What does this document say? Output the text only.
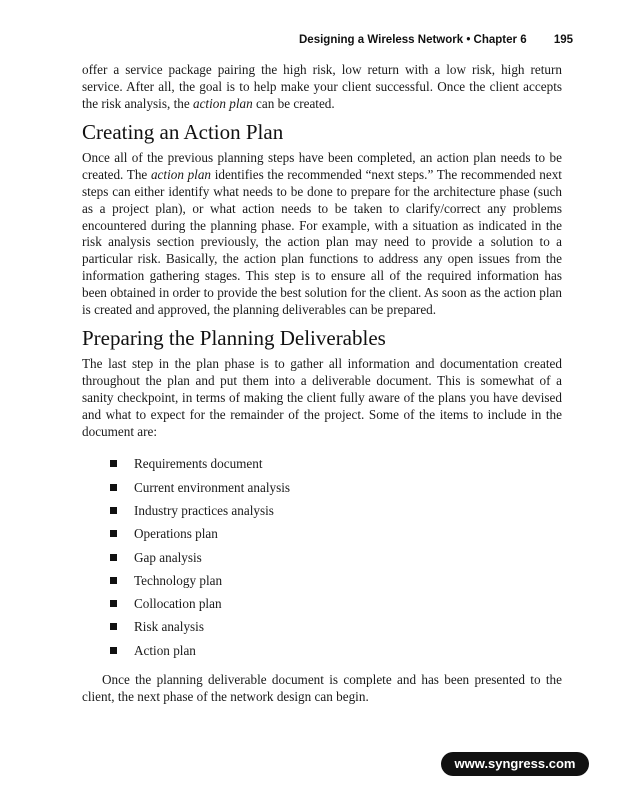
Designing a Wireless Network • Chapter 6 195

offer a service package pairing the high risk, low return with a low risk, high return service. After all, the goal is to help make your client successful. Once the client accepts the risk analysis, the action plan can be created.

Creating an Action Plan

Once all of the previous planning steps have been completed, an action plan needs to be created. The action plan identifies the recommended “next steps.” The recommended next steps can either identify what needs to be done to prepare for the architecture phase (such as a project plan), or what action needs to be taken to clarify/correct any problems encountered during the planning phase. For example, with a situation as indicated in the risk analysis section previously, the action plan may need to provide a solution to a particular risk. Basically, the action plan functions to address any open issues from the information gathering stages. This step is to ensure all of the required information has been obtained in order to provide the best solution for the client. As soon as the action plan is created and approved, the planning deliverables can be prepared.

Preparing the Planning Deliverables

The last step in the plan phase is to gather all information and documentation created throughout the plan and put them into a deliverable document. This is somewhat of a sanity checkpoint, in terms of making the client fully aware of the plans you have devised and what to expect for the remainder of the project. Some of the items to include in the document are:

Requirements document
Current environment analysis
Industry practices analysis
Operations plan
Gap analysis
Technology plan
Collocation plan
Risk analysis
Action plan

Once the planning deliverable document is complete and has been presented to the client, the next phase of the network design can begin.

www.syngress.com
